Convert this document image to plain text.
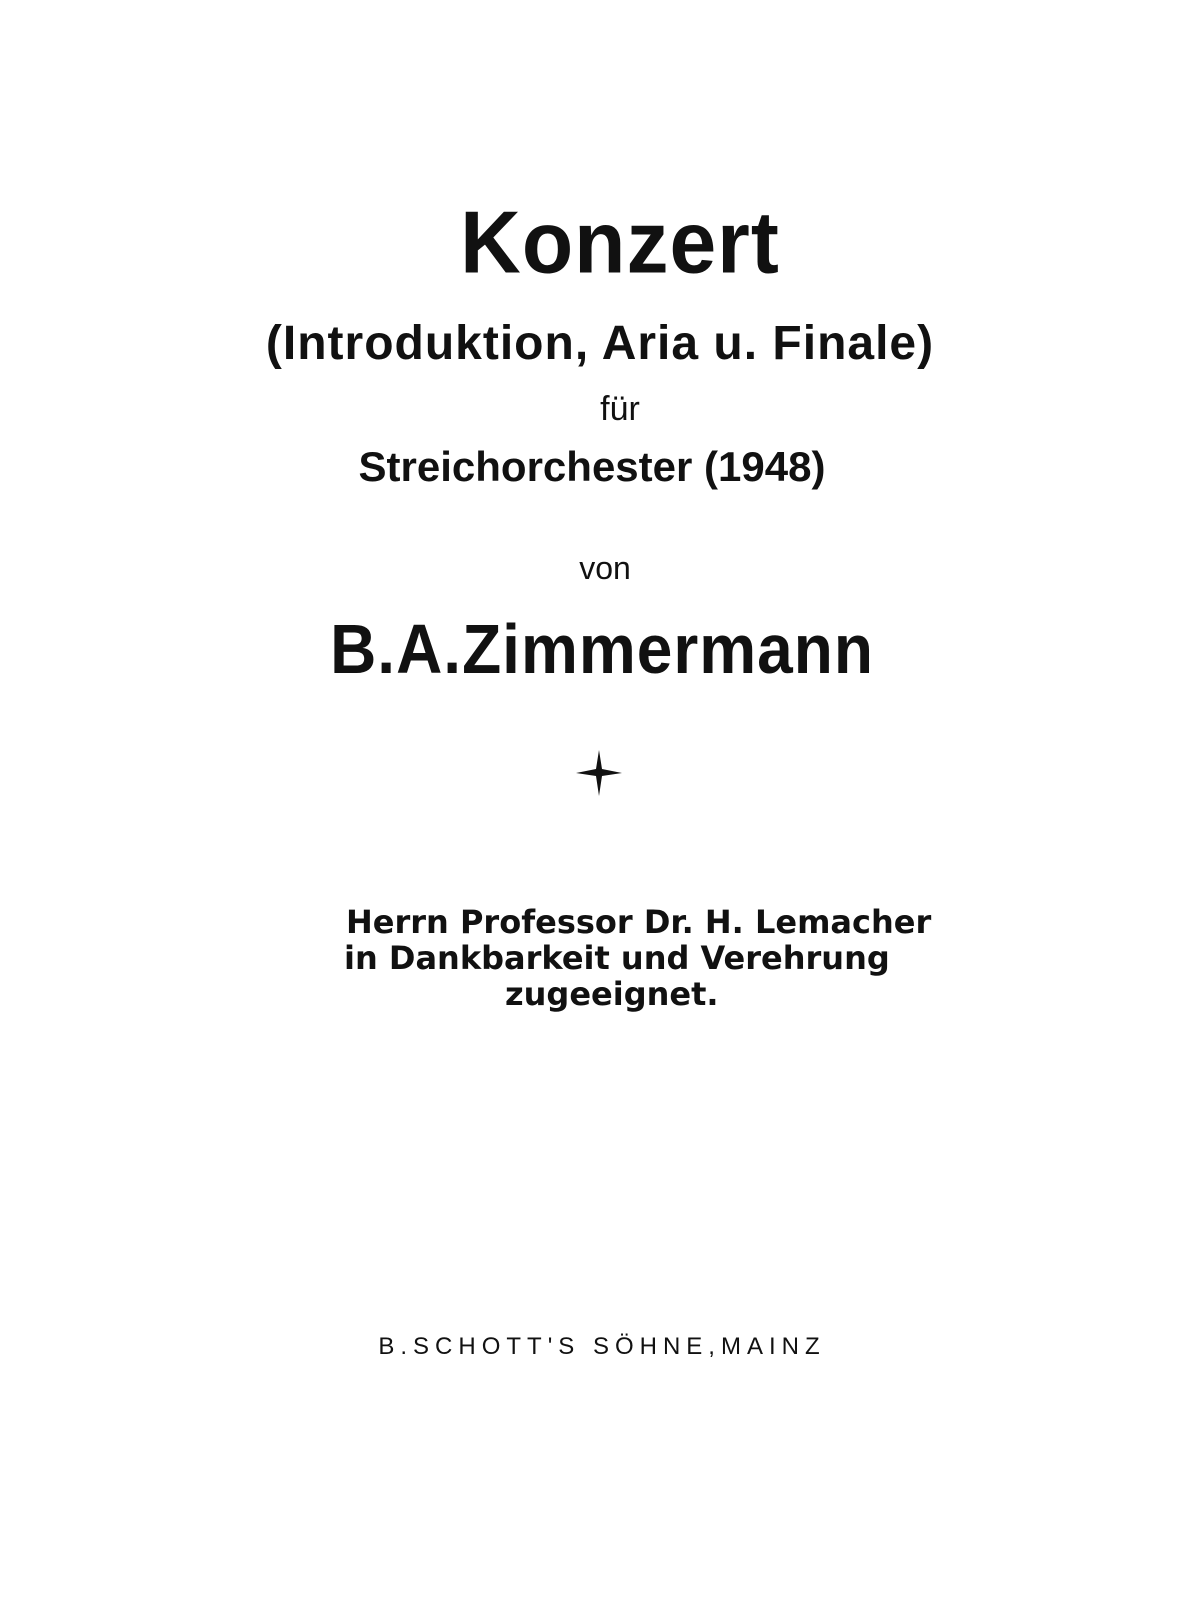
Konzert

(Introduktion, Aria u. Finale)

für

Streichorchester (1948)

von

B.A.Zimmermann

Herrn Professor Dr. H. Lemacher

in Dankbarkeit und Verehrung

zugeeignet.

B.SCHOTT'S SÖHNE,MAINZ
